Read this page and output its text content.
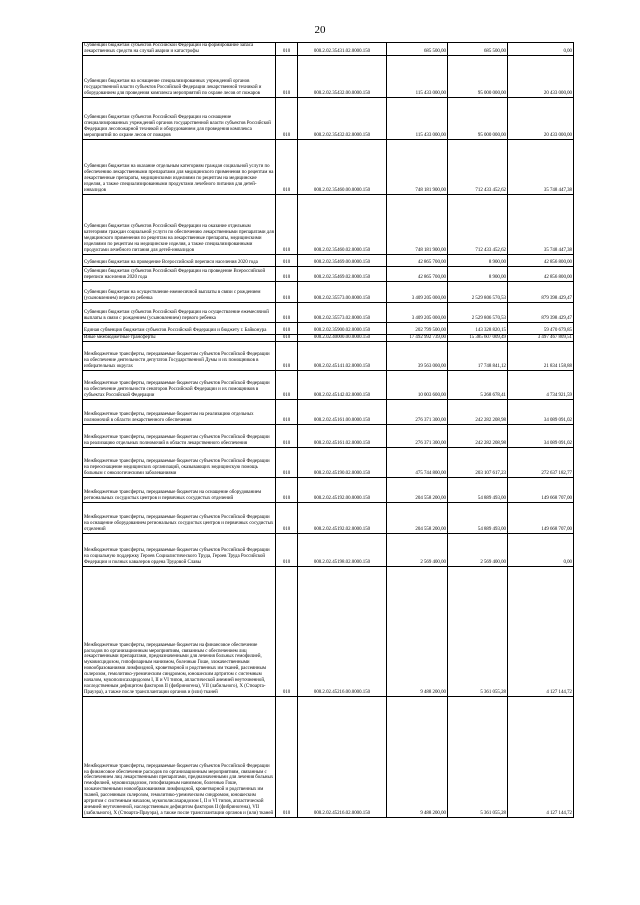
20
Субвенции бюджетам субъектов Российской Федерации на формирование запаса лекарственных средств на случай аварии и катастрофы	010	000.2.02.35431.02.0000.150	685 500,00	685 500,00	0,00
Субвенции бюджетам на оснащение специализированных учреждений органов государственной власти субъектов Российской Федерации лекарственной техникой и оборудованием для проведения комплекса мероприятий по охране лесов от пожаров	010	000.2.02.35432.00.0000.150	115 433 000,00	95 000 000,00	20 433 000,00
Субвенции бюджетам субъектов Российской Федерации на оснащение специализированных учреждений органов государственной власти субъектов Российской Федерации лесопожарной техникой и оборудованием для проведения комплекса мероприятий по охране лесов от пожаров	010	000.2.02.35432.02.0000.150	115 433 000,00	95 000 000,00	20 433 000,00
Субвенции бюджетам на оказание отдельным категориям граждан социальной услуги по обеспечению лекарственными препаратами для медицинского применения по рецептам на лекарственные препараты, медицинскими изделиями по рецептам на медицинские изделия, а также специализированными продуктами лечебного питания для детей-инвалидов	010	000.2.02.35460.00.0000.150	748 181 900,00	712 433 452,62	35 748 447,38
Субвенции бюджетам субъектов Российской Федерации на оказание отдельным категориям граждан социальной услуги по обеспечению лекарственными препаратами для медицинского применения по рецептам на лекарственные препараты, медицинскими изделиями по рецептам на медицинские изделия, а также специализированными продуктами лечебного питания для детей-инвалидов	010	000.2.02.35460.02.0000.150	748 181 900,00	712 433 452,62	35 748 447,38
Субвенции бюджетам на проведение Всероссийской переписи населения 2020 года	010	000.2.02.35469.00.0000.150	42 865 700,00	8 900,00	42 856 800,00
Субвенции бюджетам субъектов Российской Федерации на проведение Всероссийской переписи населения 2020 года	010	000.2.02.35469.02.0000.150	42 865 700,00	8 900,00	42 856 800,00
Субвенции бюджетам на осуществление ежемесячной выплаты в связи с рождением (усыновлением) первого ребенка	010	000.2.02.35573.00.0000.150	3 409 205 000,00	2 529 806 570,53	879 398 429,47
Субвенции бюджетам субъектов Российской Федерации на осуществление ежемесячной выплаты в связи с рождением (усыновлением) первого ребенка	010	000.2.02.35573.02.0000.150	3 409 205 000,00	2 529 806 570,53	879 398 429,47
Единая субвенция бюджетам субъектов Российской Федерации и бюджету г. Байконура	010	000.2.02.35900.02.0000.150	202 799 500,00	143 328 820,15	59 470 679,85
Иные межбюджетные трансферты	010	000.2.02.40000.00.0000.150	17 492 992 739,00	15 385 607 009,49	3 497 467 809,51
Межбюджетные трансферты, передаваемые бюджетам субъектов Российской Федерации на обеспечение деятельности депутатов Государственной Думы и их помощников в избирательных округах	010	000.2.02.45141.02.0000.150	39 563 000,00	17 748 841,12	21 834 158,88
Межбюджетные трансферты, передаваемые бюджетам субъектов Российской Федерации на обеспечение деятельности сенаторов Российской Федерации и их помощников в субъектах Российской Федерации	010	000.2.02.45142.02.0000.150	10 003 600,00	5 268 678,41	4 734 921,59
Межбюджетные трансферты, передаваемые бюджетам на реализацию отдельных полномочий в области лекарственного обеспечения	010	000.2.02.45161.00.0000.150	276 371 300,00	242 282 208,98	34 089 091,02
Межбюджетные трансферты, передаваемые бюджетам субъектов Российской Федерации на реализацию отдельных полномочий в области лекарственного обеспечения	010	000.2.02.45161.02.0000.150	276 371 300,00	242 282 208,98	34 089 091,02
Межбюджетные трансферты, передаваемые бюджетам субъектов Российской Федерации на переоснащение медицинских организаций, оказывающих медицинскую помощь больным с онкологическими заболеваниями	010	000.2.02.45190.02.0000.150	475 744 800,00	203 107 617,23	272 637 182,77
Межбюджетные трансферты, передаваемые бюджетам на оснащение оборудованием региональных сосудистых центров и первичных сосудистых отделений	010	000.2.02.45192.00.0000.150	204 558 200,00	54 889 493,00	149 668 707,00
Межбюджетные трансферты, передаваемые бюджетам субъектов Российской Федерации на оснащение оборудованием региональных сосудистых центров и первичных сосудистых отделений	010	000.2.02.45192.02.0000.150	204 558 200,00	54 889 493,00	149 668 707,00
Межбюджетные трансферты, передаваемые бюджетам субъектов Российской Федерации на социальную поддержку Героев Социалистического Труда, Героев Труда Российской Федерации и полных кавалеров ордена Трудовой Славы	010	000.2.02.45198.02.0000.150	2 569 400,00	2 569 400,00	0,00
Межбюджетные трансферты, передаваемые бюджетам на финансовое обеспечение расходов по организационным мероприятиям, связанным с обеспечением лиц лекарственными препаратами, предназначенными для лечения больных гемофилией, муковисцидозом, гипофизарным нанизмом, болезнью Гоше, злокачественными новообразованиями лимфоидной, кроветворной и родственных им тканей, рассеянным склерозом, гемолитико-уремическим синдромом, юношеским артритом с системным началом, мукополисахаридозом I, II и VI типов, апластической анемией неуточненной, наследственным дефицитом факторов II (фибриногена), VII (лабильного), X (Стюарта-Прауэра), а также после трансплантации органов и (или) тканей	010	000.2.02.45216.00.0000.150	9 488 200,00	5 361 055,28	4 127 144,72
Межбюджетные трансферты, передаваемые бюджетам субъектов Российской Федерации на финансовое обеспечение расходов по организационным мероприятиям, связанным с обеспечением лиц лекарственными препаратами, предназначенными для лечения больных гемофилией, муковисцидозом, гипофизарным нанизмом, болезнью Гоше, злокачественными новообразованиями лимфоидной, кроветворной и родственных им тканей, рассеянным склерозом, гемолитико-уремическим синдромом, юношеским артритом с системным началом, мукополисахаридозом I, II и VI типов, апластической анемией неуточненной, наследственным дефицитом факторов II (фибриногена), VII (лабильного), X (Стюарта-Прауэра), а также после трансплантации органов и (или) тканей	010	000.2.02.45216.02.0000.150	9 488 200,00	5 361 055,28	4 127 144,72
